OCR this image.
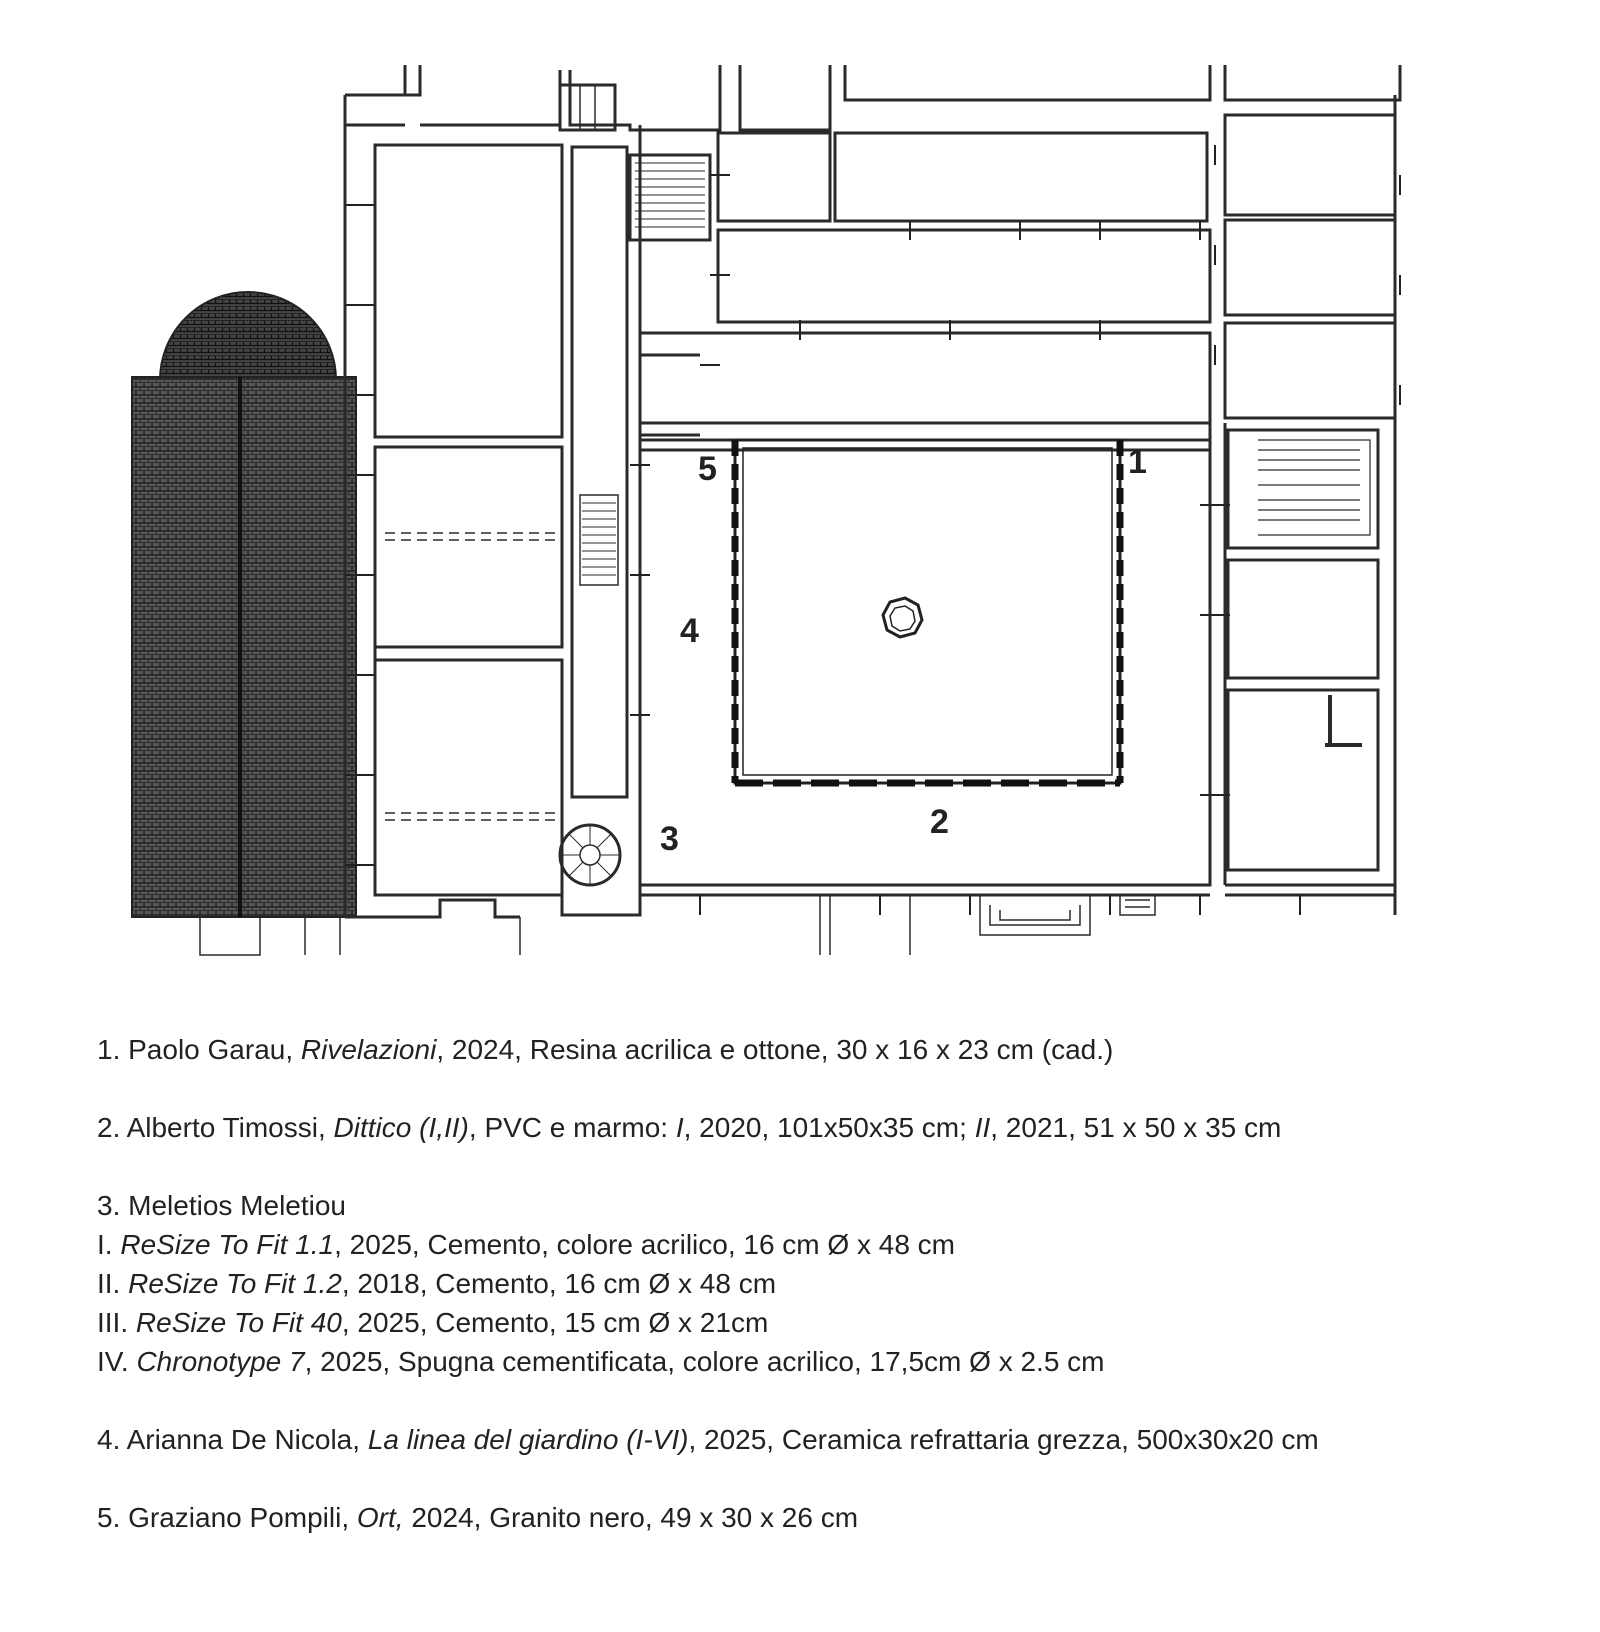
1
2
3
4
5
1. Paolo Garau, Rivelazioni, 2024, Resina acrilica e ottone, 30 x 16 x 23 cm (cad.)
2. Alberto Timossi, Dittico (I,II), PVC e marmo: I, 2020, 101x50x35 cm; II, 2021, 51 x 50 x 35 cm
3. Meletios Meletiou
I. ReSize To Fit 1.1, 2025, Cemento, colore acrilico, 16 cm Ø x 48 cm
II. ReSize To Fit 1.2, 2018, Cemento, 16 cm Ø x 48 cm
III. ReSize To Fit 40, 2025, Cemento, 15 cm Ø x 21cm
IV. Chronotype 7, 2025, Spugna cementificata, colore acrilico, 17,5cm Ø x 2.5 cm
4. Arianna De Nicola, La linea del giardino (I-VI), 2025, Ceramica refrattaria grezza, 500x30x20 cm
5. Graziano Pompili, Ort, 2024, Granito nero, 49 x 30 x 26 cm
